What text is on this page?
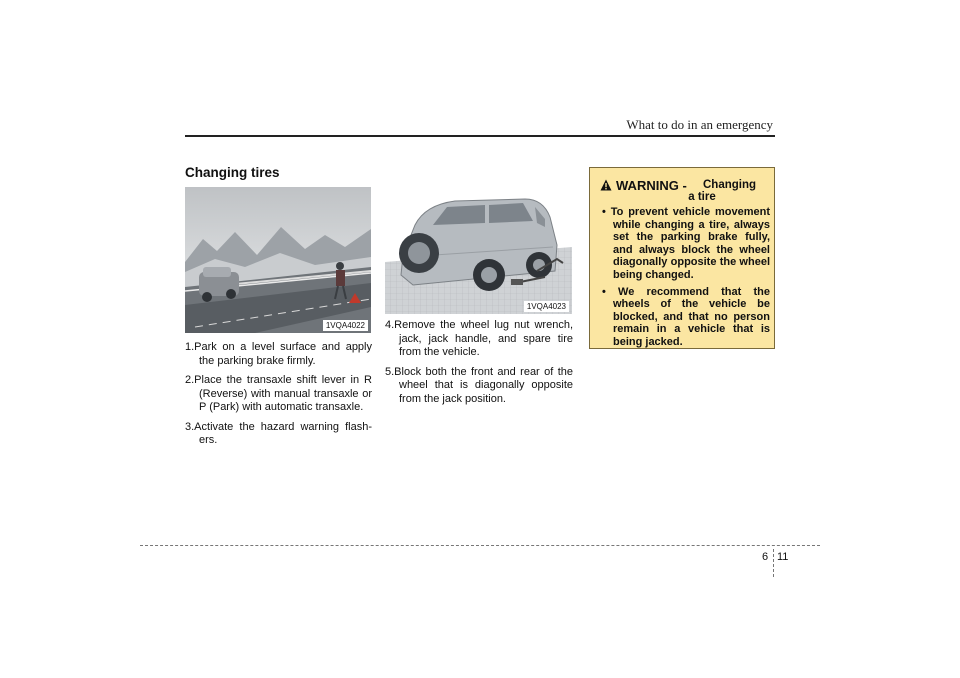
What to do in an emergency
Changing tires
1VQA4022
1VQA4023
1.Park on a level surface and apply the parking brake firmly.
2.Place the transaxle shift lever in R (Reverse) with manual transaxle or P (Park) with automatic transaxle.
3.Activate the hazard warning flash-ers.
4.Remove the wheel lug nut wrench, jack, jack handle, and spare tire from the vehicle.
5.Block both the front and rear of the wheel that is diagonally opposite from the jack position.
WARNING - Changing
a tire
• To prevent vehicle movement while changing a tire, always set the parking brake fully, and always block the wheel diagonally opposite the wheel being changed.
• We recommend that the wheels of the vehicle be blocked, and that no person remain in a vehicle that is being jacked.
6 11
